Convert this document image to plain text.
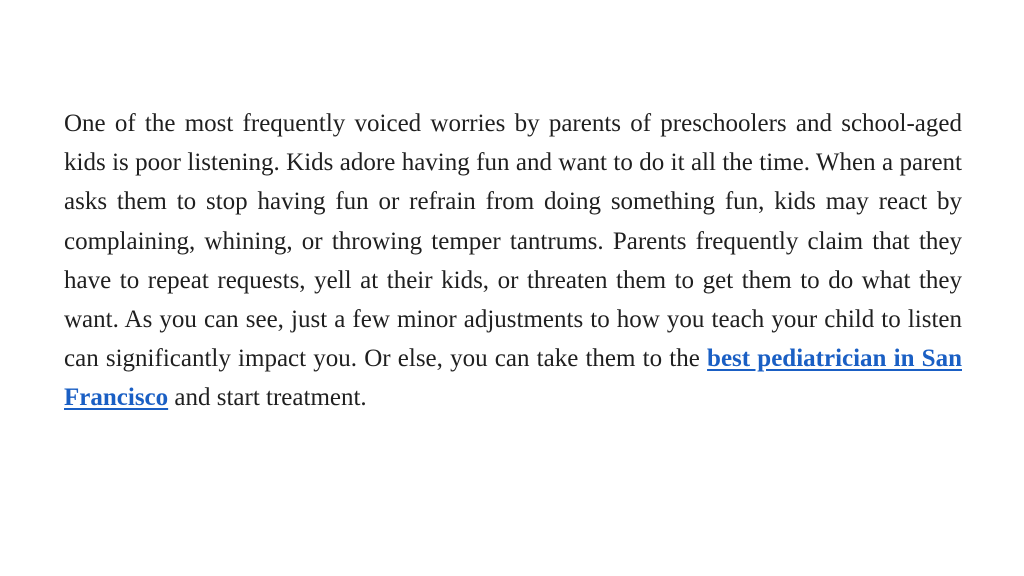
One of the most frequently voiced worries by parents of preschoolers and school-aged kids is poor listening. Kids adore having fun and want to do it all the time. When a parent asks them to stop having fun or refrain from doing something fun, kids may react by complaining, whining, or throwing temper tantrums. Parents frequently claim that they have to repeat requests, yell at their kids, or threaten them to get them to do what they want. As you can see, just a few minor adjustments to how you teach your child to listen can significantly impact you. Or else, you can take them to the best pediatrician in San Francisco and start treatment.
